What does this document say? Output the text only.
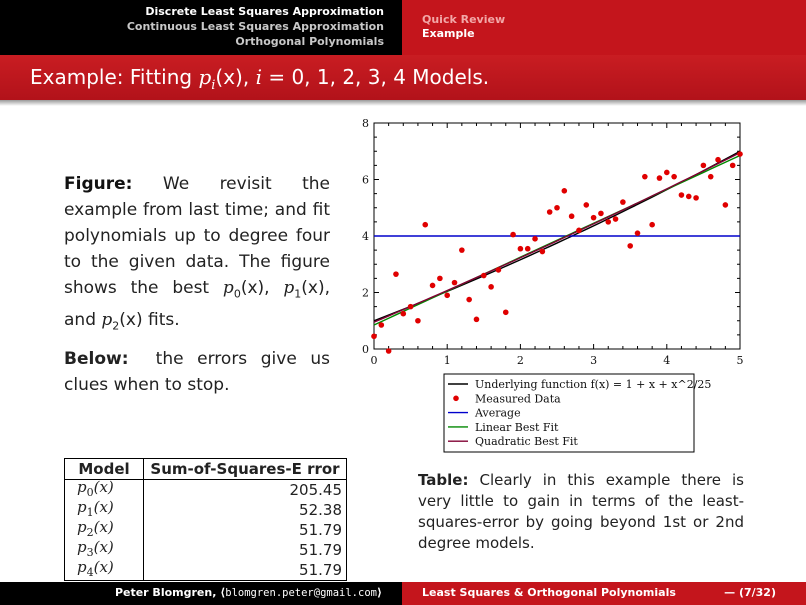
Discrete Least Squares Approximation
Continuous Least Squares Approximation
Orthogonal Polynomials
Quick Review
Example
Example: Fitting $p_i(x)$, i = 0, 1, 2, 3, 4 Models.
Figure: We revisit the example from last time; and fit polynomials up to degree four to the given data. The figure shows the best $p_0(x)$, $p_1(x)$, and $p_2(x)$ fits.
Below: the errors give us clues when to stop.
Model	Sum-of-Squares-E rror
$p_0(x)$	205.45
$p_1(x)$	52.38
$p_2(x)$	51.79
$p_3(x)$	51.79
$p_4(x)$	51.79
Table: Clearly in this example there is very little to gain in terms of the least-squares-error by going beyond 1st or 2nd degree models.
0	1	2	3	4	5
0
2
4
6
8
Underlying function f(x) = 1 + x + x^2/25
Measured Data
Average
Linear Best Fit
Quadratic Best Fit
Peter Blomgren, ⟨blomgren.peter@gmail.com⟩	Least Squares & Orthogonal Polynomials	— (7/32)
